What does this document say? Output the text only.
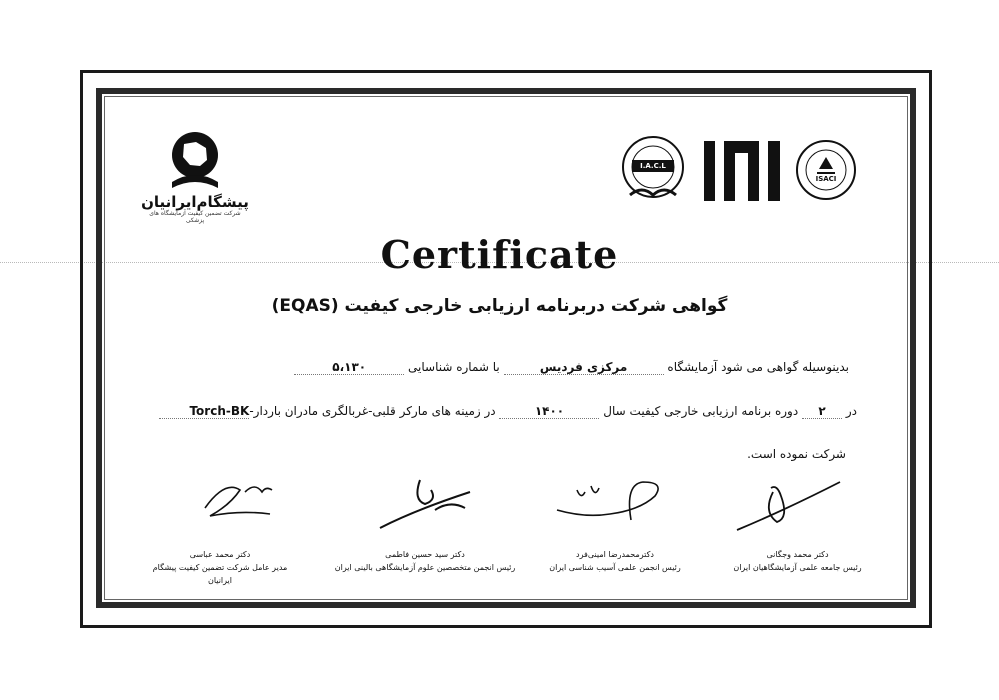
پیشگام‌ایرانیان
شرکت تضمین کیفیت آزمایشگاه های پزشکی
I.A.C.L
ISACI
Certificate
گواهی شرکت دربرنامه ارزیابی خارجی کیفیت (EQAS)
بدینوسیله گواهی می شود آزمایشگاه مرکزی فردیس با شماره شناسایی ۵،۱۳۰
در ۲ دوره برنامه ارزیابی خارجی کیفیت سال ۱۴۰۰ در زمینه های مارکر قلبی-غربالگری مادران باردار-Torch-BK
شرکت نموده است.
دکتر محمد عباسی
مدیر عامل شرکت تضمین کیفیت پیشگام ایرانیان
دکتر سید حسین فاطمی
رئیس انجمن متخصصین علوم آزمایشگاهی بالینی ایران
دکترمحمدرضا امینی‌فرد
رئیس انجمن علمی آسیب شناسی ایران
دکتر محمد وجگانی
رئیس جامعه علمی آزمایشگاهیان ایران
